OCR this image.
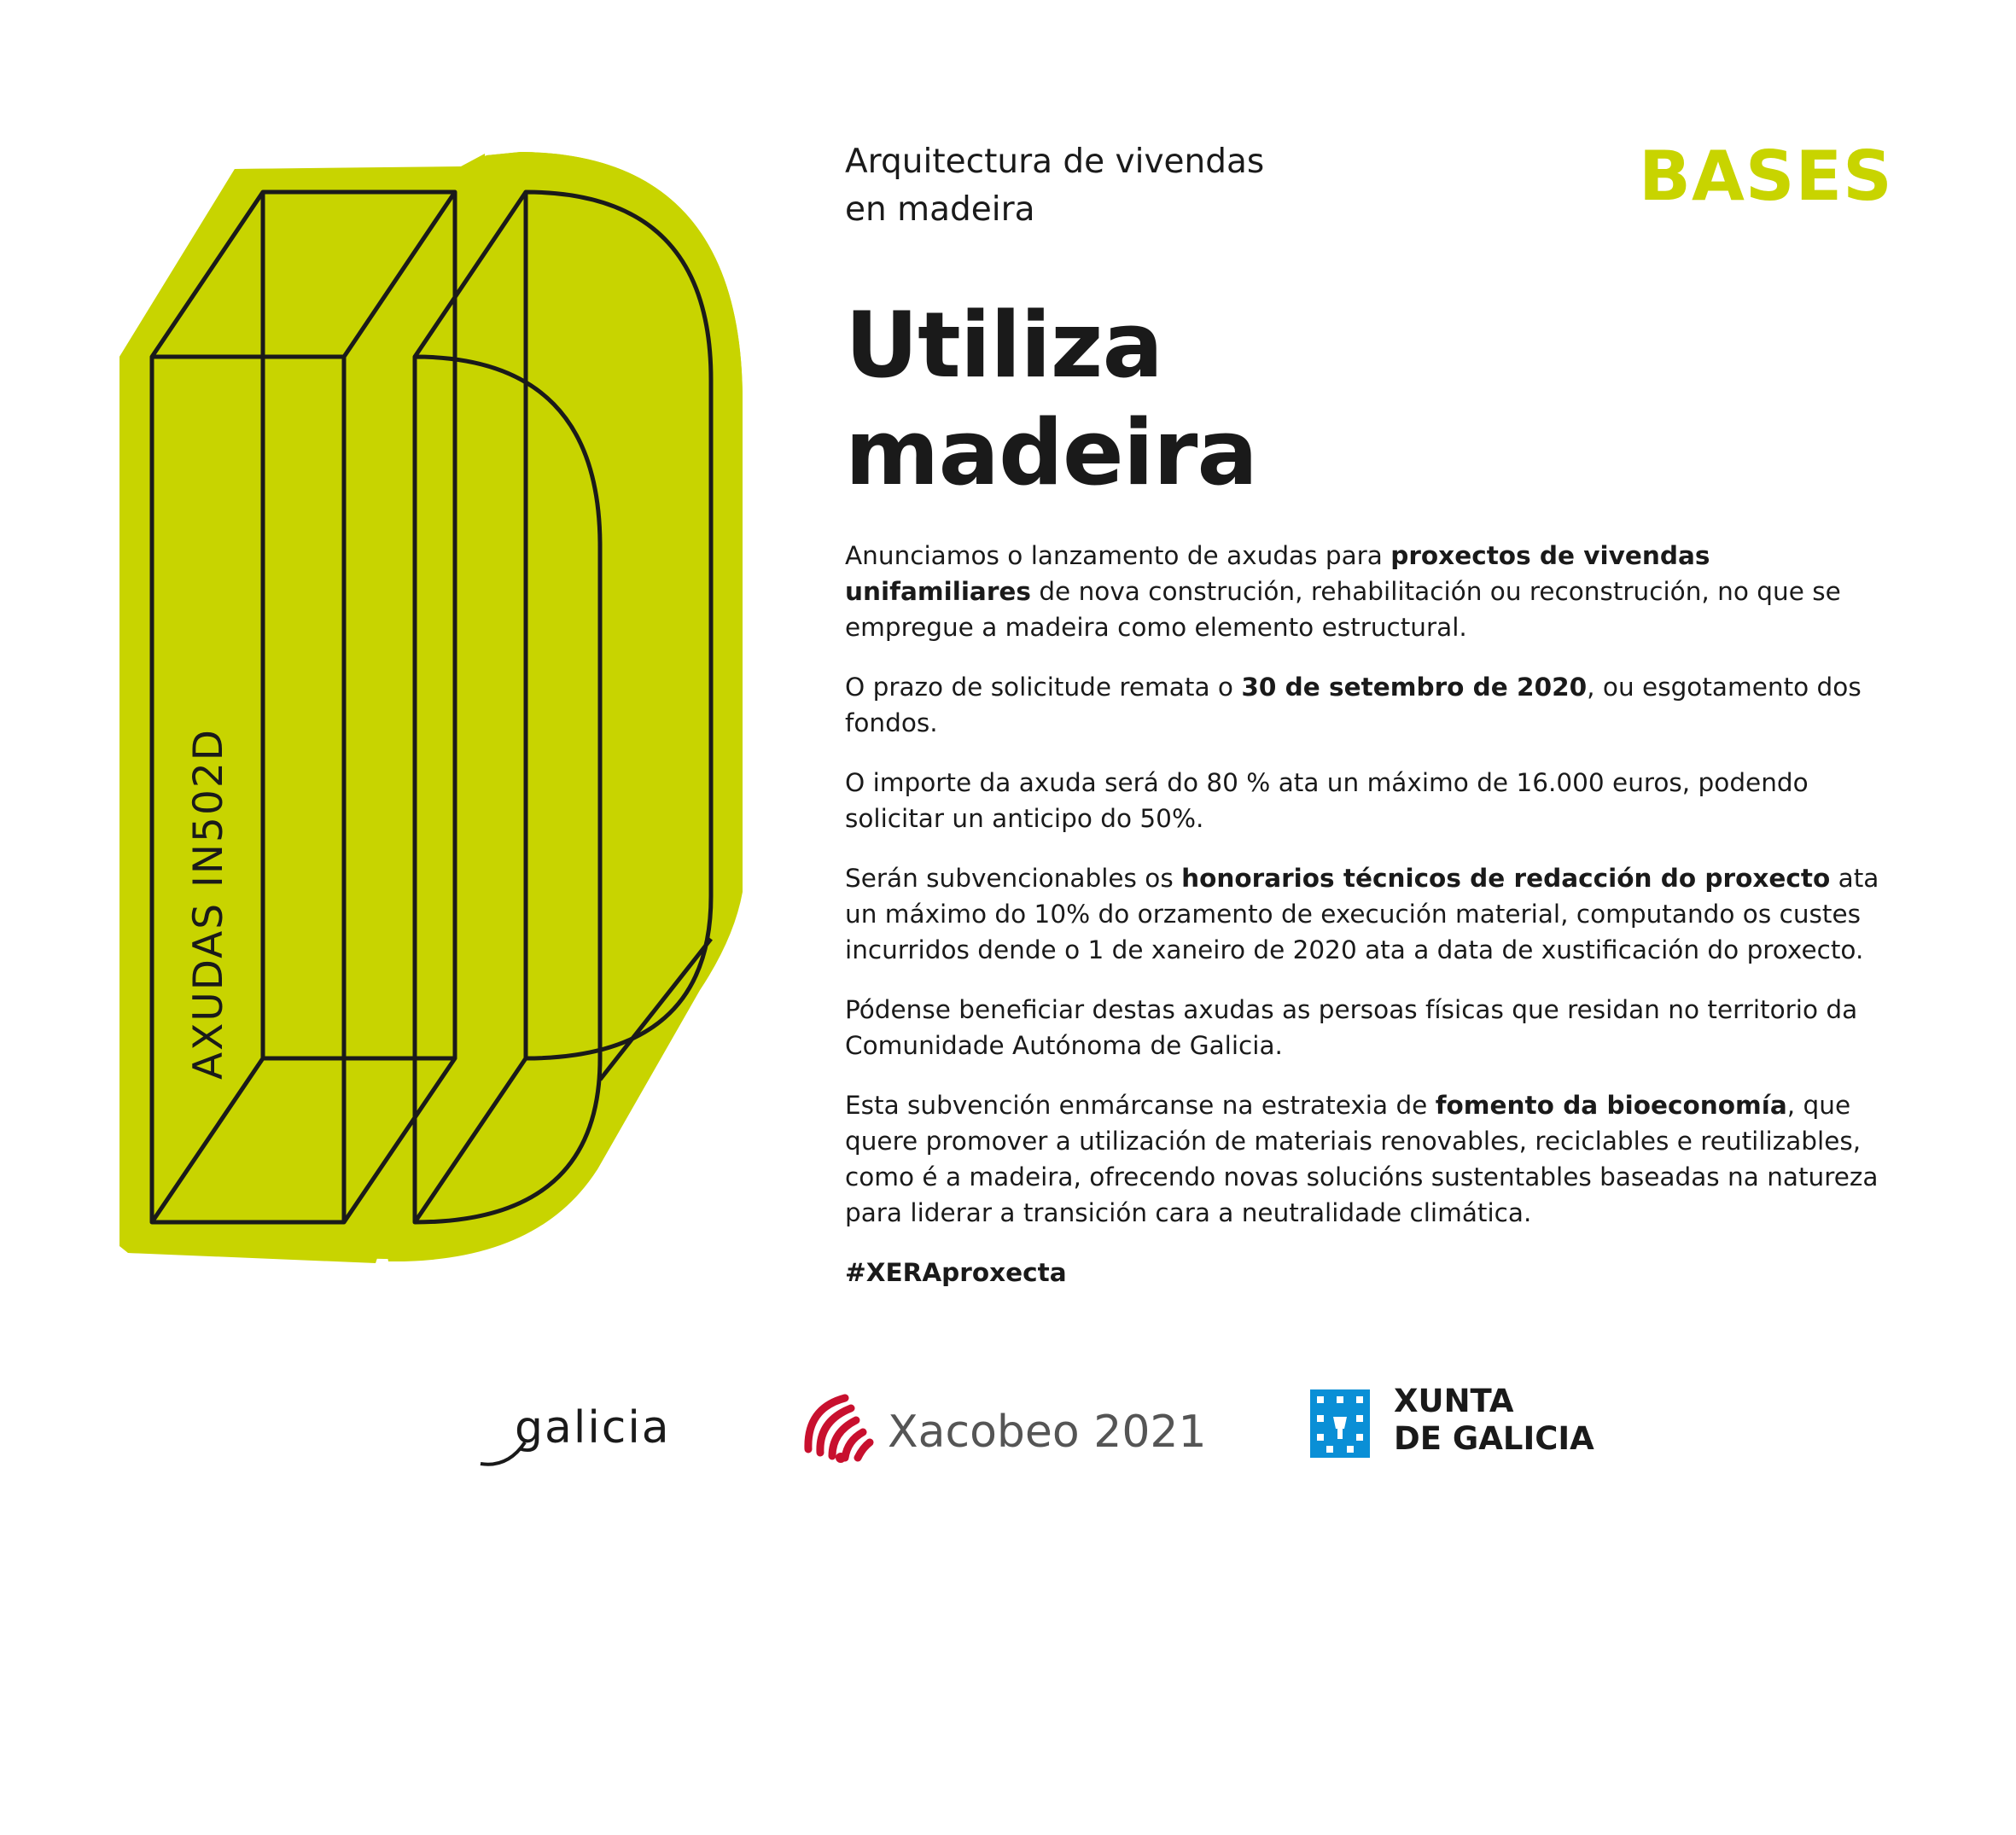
AXUDAS IN502D
Arquitectura de vivendas
en madeira	BASES
Utiliza
madeira

Anunciamos o lanzamento de axudas para proxectos de vivendas unifamiliares de nova construción, rehabilitación ou reconstrución, no que se empregue a madeira como elemento estructural.

O prazo de solicitude remata o 30 de setembro de 2020, ou esgotamento dos fondos.

O importe da axuda será do 80 % ata un máximo de 16.000 euros, podendo solicitar un anticipo do 50%.

Serán subvencionables os honorarios técnicos de redacción do proxecto ata un máximo do 10% do orzamento de execución material, computando os custes incurridos dende o 1 de xaneiro de 2020 ata a data de xustificación do proxecto.

Pódense beneficiar destas axudas as persoas físicas que residan no territorio da Comunidade Autónoma de Galicia.

Esta subvención enmárcanse na estratexia de fomento da bioeconomía, que quere promover a utilización de materiais renovables, reciclables e reutilizables, como é a madeira, ofrecendo novas solucións sustentables baseadas na natureza para liderar a transición cara a neutralidade climática.

#XERAproxecta

galicia	Xacobeo 2021
XUNTA
DE GALICIA
